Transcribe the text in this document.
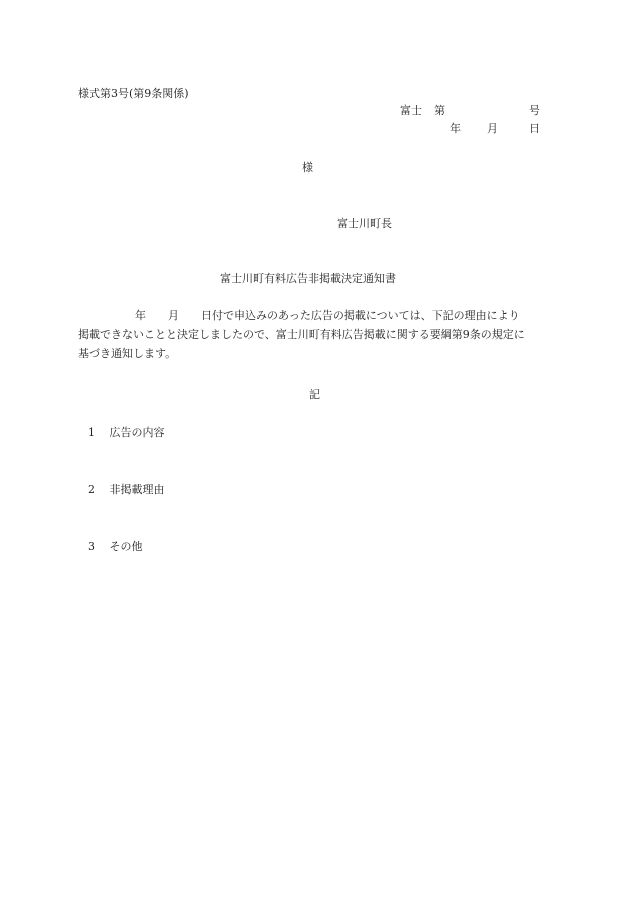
様式第3号(第9条関係)
富士 第	号
年 月	日
様
富士川町長
富士川町有料広告非掲載決定通知書

年　　月　　日付で申込みのあった広告の掲載については、下記の理由により

掲載できないことと決定しましたので、富士川町有料広告掲載に関する要綱第9条の規定に

基づき通知します。

記
1 広告の内容
2 非掲載理由
3 その他
